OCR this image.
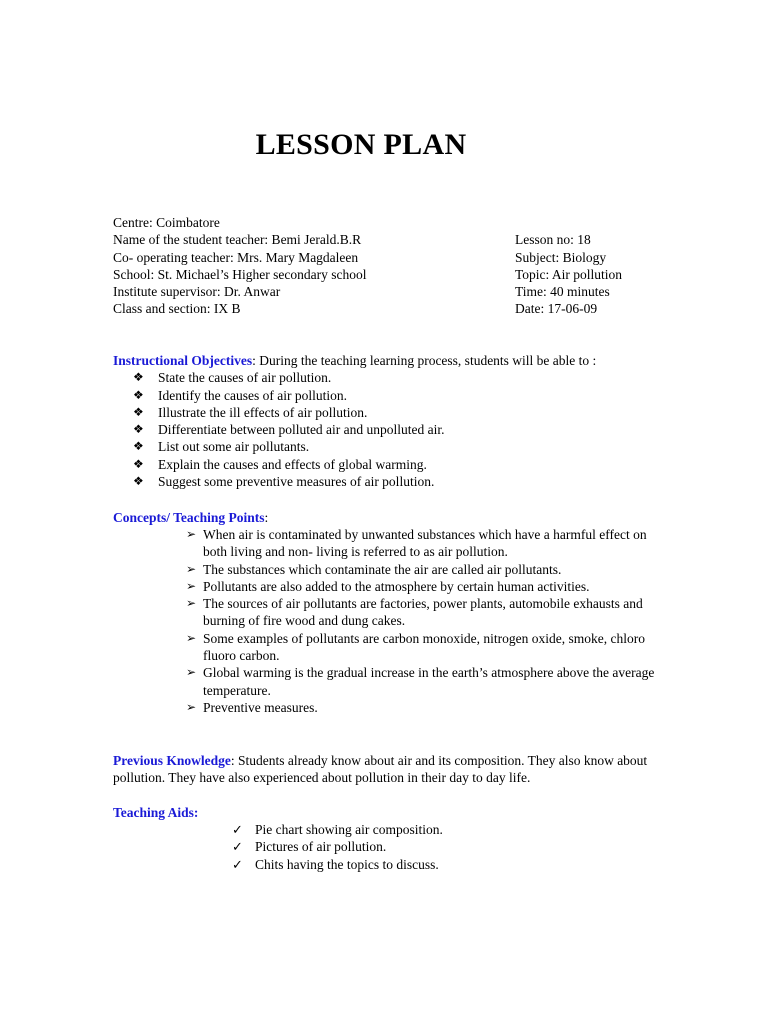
LESSON PLAN
Centre: Coimbatore
Name of the student teacher: Bemi Jerald.B.R	Lesson no: 18
Co- operating teacher: Mrs. Mary Magdaleen	Subject: Biology
School: St. Michael’s Higher secondary school	Topic: Air pollution
Institute supervisor: Dr. Anwar	Time: 40 minutes
Class and section: IX B	Date: 17-06-09
Instructional Objectives: During the teaching learning process, students will be able to :
❖ State the causes of air pollution.
❖ Identify the causes of air pollution.
❖ Illustrate the ill effects of air pollution.
❖ Differentiate between polluted air and unpolluted air.
❖ List out some air pollutants.
❖ Explain the causes and effects of global warming.
❖ Suggest some preventive measures of air pollution.
Concepts/ Teaching Points:
➢ When air is contaminated by unwanted substances which have a harmful effect on both living and non- living is referred to as air pollution.
➢ The substances which contaminate the air are called air pollutants.
➢ Pollutants are also added to the atmosphere by certain human activities.
➢ The sources of air pollutants are factories, power plants, automobile exhausts and burning of fire wood and dung cakes.
➢ Some examples of pollutants are carbon monoxide, nitrogen oxide, smoke, chloro fluoro carbon.
➢ Global warming is the gradual increase in the earth’s atmosphere above the average temperature.
➢ Preventive measures.
Previous Knowledge: Students already know about air and its composition. They also know about pollution. They have also experienced about pollution in their day to day life.
Teaching Aids:
✓ Pie chart showing air composition.
✓ Pictures of air pollution.
✓ Chits having the topics to discuss.
